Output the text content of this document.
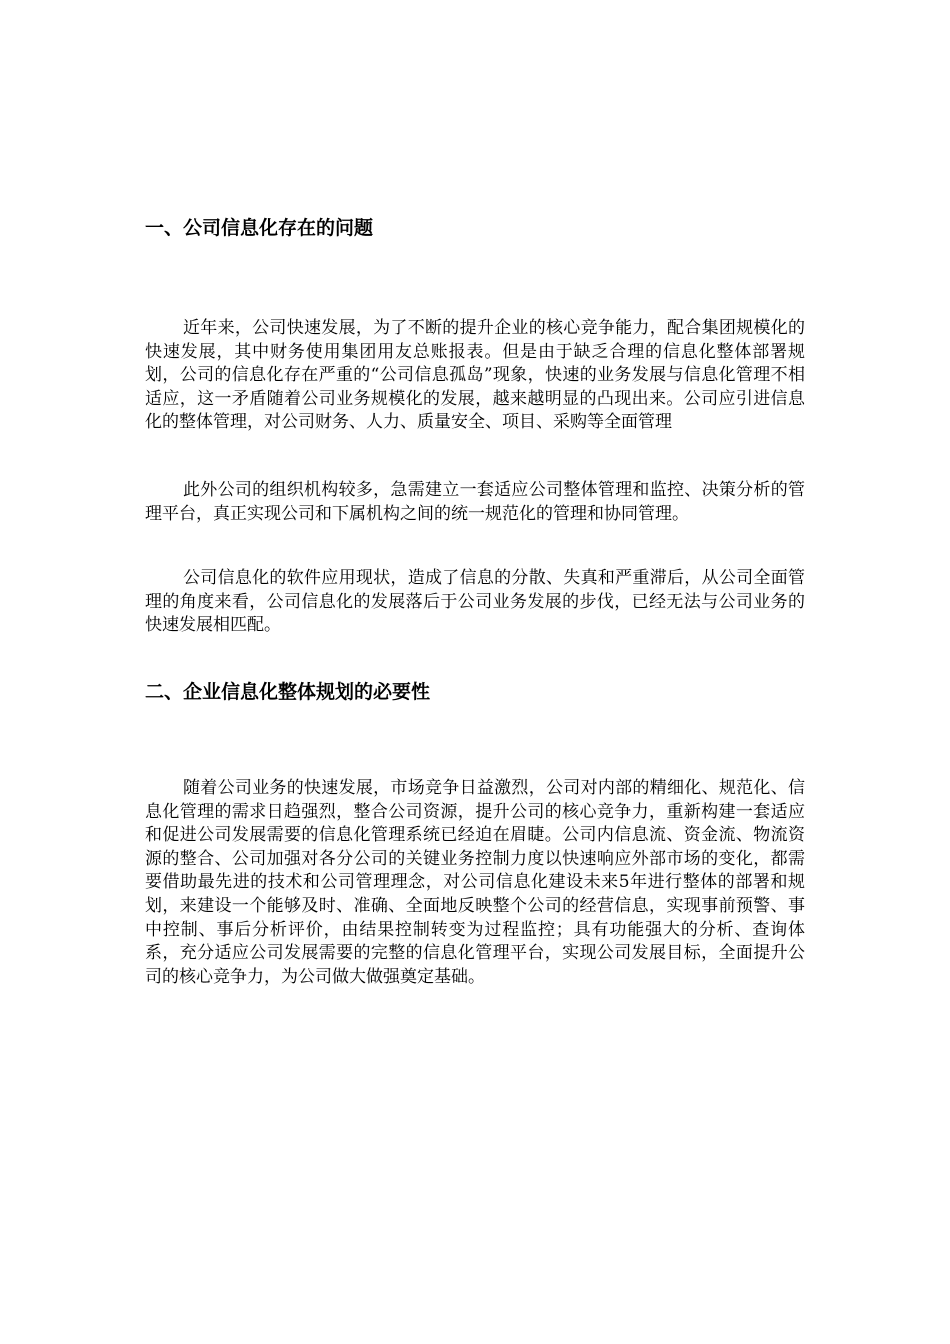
一、公司信息化存在的问题

近年来，公司快速发展，为了不断的提升企业的核心竞争能力，配合集团规模化的快速发展，其中财务使用集团用友总账报表。但是由于缺乏合理的信息化整体部署规划，公司的信息化存在严重的“公司信息孤岛”现象，快速的业务发展与信息化管理不相适应，这一矛盾随着公司业务规模化的发展，越来越明显的凸现出来。公司应引进信息化的整体管理，对公司财务、人力、质量安全、项目、采购等全面管理

此外公司的组织机构较多，急需建立一套适应公司整体管理和监控、决策分析的管理平台，真正实现公司和下属机构之间的统一规范化的管理和协同管理。

公司信息化的软件应用现状，造成了信息的分散、失真和严重滞后，从公司全面管理的角度来看，公司信息化的发展落后于公司业务发展的步伐，已经无法与公司业务的快速发展相匹配。

二、企业信息化整体规划的必要性

随着公司业务的快速发展，市场竞争日益激烈，公司对内部的精细化、规范化、信息化管理的需求日趋强烈，整合公司资源，提升公司的核心竞争力，重新构建一套适应和促进公司发展需要的信息化管理系统已经迫在眉睫。公司内信息流、资金流、物流资源的整合、公司加强对各分公司的关键业务控制力度以快速响应外部市场的变化，都需要借助最先进的技术和公司管理理念，对公司信息化建设未来5年进行整体的部署和规划，来建设一个能够及时、准确、全面地反映整个公司的经营信息，实现事前预警、事中控制、事后分析评价，由结果控制转变为过程监控；具有功能强大的分析、查询体系，充分适应公司发展需要的完整的信息化管理平台，实现公司发展目标，全面提升公司的核心竞争力，为公司做大做强奠定基础。
